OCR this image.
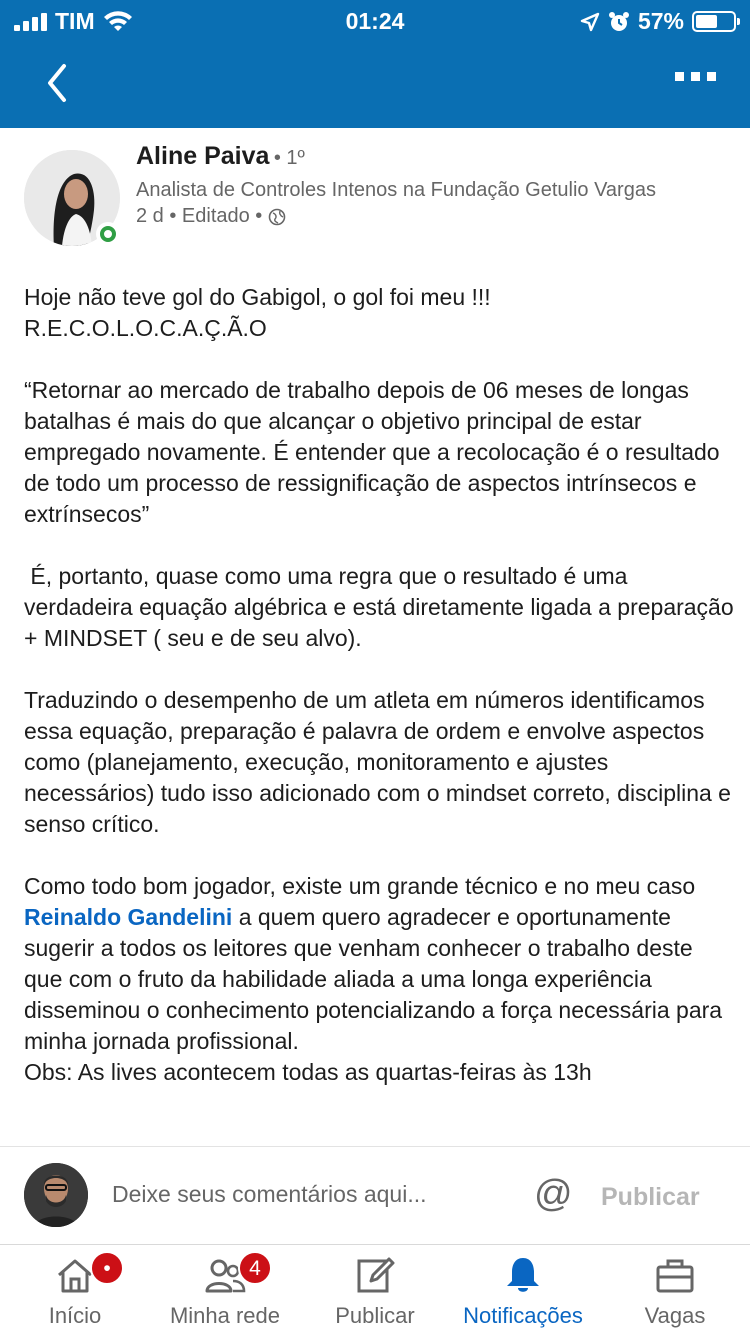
TIM	01:24	57%
Aline Paiva • 1º
Analista de Controles Intenos na Fundação Getulio Vargas
2 d • Editado •

Hoje não teve gol do Gabigol, o gol foi meu !!!

R.E.C.O.L.O.C.A.Ç.Ã.O

“Retornar ao mercado de trabalho depois de 06 meses de longas batalhas é mais do que alcançar o objetivo principal de estar empregado novamente. É entender que a recolocação é o resultado de todo um processo de ressignificação de aspectos intrínsecos e extrínsecos”

É, portanto, quase como uma regra que o resultado é uma verdadeira equação algébrica e está diretamente ligada a preparação + MINDSET ( seu e de seu alvo).

Traduzindo o desempenho de um atleta em números identificamos essa equação, preparação é palavra de ordem e envolve aspectos como (planejamento, execução, monitoramento e ajustes necessários) tudo isso adicionado com o mindset correto, disciplina e senso crítico.

Como todo bom jogador, existe um grande técnico e no meu caso Reinaldo Gandelini a quem quero agradecer e oportunamente sugerir a todos os leitores que venham conhecer o trabalho deste que com o fruto da habilidade aliada a uma longa experiência disseminou o conhecimento potencializando a força necessária para minha jornada profissional.

Obs: As lives acontecem todas as quartas-feiras às 13h

Deixe seus comentários aqui...	@ Publicar
•
Início
4
Minha rede	Publicar	Notificações	Vagas
